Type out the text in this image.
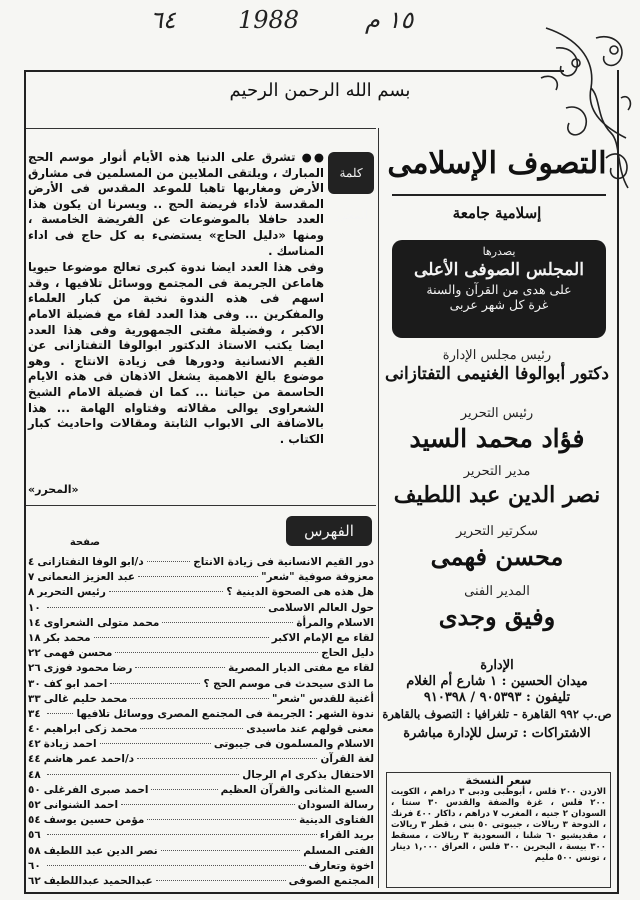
٦٤	1988	١٥ م
بسم الله الرحمن الرحيم
كلمة المحرر

●● تشرق على الدنيا هذه الأيام أنوار موسم الحج المبارك ، ويلتقى الملايين من المسلمين فى مشارق الأرض ومغاربها تاهبا للموعد المقدس فى الأرض المقدسة لأداء فريضة الحج .. ويسرنا ان يكون هذا العدد حافلا بالموضوعات عن الفريضة الخامسة ، ومنها «دليل الحاج» يستضىء به كل حاج فى اداء المناسك .

وفى هذا العدد ايضا ندوة كبرى تعالج موضوعا حيويا هاماعن الجريمة فى المجتمع ووسائل تلافيها ، وقد اسهم فى هذه الندوة نخبة من كبار العلماء والمفكرين ... وفى هذا العدد لقاء مع فضيلة الامام الاكبر ، وفضيلة مفتى الجمهورية وفى هذا العدد ايضا يكتب الاستاذ الدكتور ابوالوفا التفتازانى عن القيم الانسانية ودورها فى زيادة الانتاج . وهو موضوع بالغ الاهمية يشغل الاذهان فى هذه الايام الحاسمة من حياتنا ... كما ان فضيلة الامام الشيخ الشعراوى يوالى مقالاته وفتاواه الهامة ... هذا بالاضافة الى الابواب الثابتة ومقالات واحاديث كبار الكتاب .

«المحرر»
الفهرس
صفحة
دور القيم الانسانية فى زيادة الانتاج
د/ابو الوفا التفتازانى
٤
معزوفة صوفية "شعر"
عبد العزيز النعمانى
٧
هل هذه هى الصحوة الدينية ؟
رئيس التحرير
٨
حول العالم الاسلامى
١٠
الاسلام والمرأة
محمد متولى الشعراوى
١٤
لقاء مع الإمام الاكبر
محمد بكر
١٨
دليل الحاج
محسن فهمى
٢٢
لقاء مع مفتى الديار المصرية
رضا محمود فوزى
٢٦
ما الذى سيحدث فى موسم الحج ؟
احمد ابو كف
٣٠
أغنية للقدس "شعر"
محمد حليم غالى
٣٣
ندوة الشهر : الجريمة فى المجتمع المصرى ووسائل تلافيها
٣٤
معنى قولهم عند ماسيدى
محمد زكى ابراهيم
٤٠
الاسلام والمسلمون فى جيبوتى
احمد زيادة
٤٢
لغة القرآن
د/احمد عمر هاشم
٤٤
الاحتفال بذكرى ام الرجال
٤٨
السبع المثانى والقرآن العظيم
احمد صبرى الفرغلى
٥٠
رسالة السودان
احمد الشنوانى
٥٢
الفتاوى الدينية
مؤمن حسين يوسف
٥٤
بريد القراء
٥٦
الفتى المسلم
نصر الدين عبد اللطيف
٥٨
اخوة وتعارف
٦٠
المجتمع الصوفى
عبدالحميد عبداللطيف
٦٢
التصوف الإسلامى
إسلامية جامعة
يصدرها
المجلس الصوفى الأعلى
على هدى من القرآن والسنة
غرة كل شهر عربى
رئيس مجلس الإدارة
دكتور أبوالوفا الغنيمى التفتازانى
رئيس التحرير
فؤاد محمد السيد
مدير التحرير
نصر الدين عبد اللطيف
سكرتير التحرير
محسن فهمى
المدير الفنى
وفيق وجدى
الإدارة
ميدان الحسين : ١ شارع أم الغلام
تليفون : ٩٠٥٣٩٣ / ٩١٠٣٩٨
ص.ب ٩٩٢ القاهرة - تلغرافيا : التصوف بالقاهرة
الاشتراكات : ترسل للإدارة مباشرة
سعر النسخة
الاردن ٢٠٠ فلس ، أبوظبى ودبى ٣ دراهم ، الكويت ٢٠٠ فلس ، غزة والضفة والقدس ٣٠ سنتا ، السودان ٢ جنيه ، المغرب ٧ دراهم ، داكار ٤٠٠ فرنك ، الدوحة ٣ ريالات ، جيبوتى ٥٠ بنى ، قطر ٣ ريالات ، مقديشيو ٦٠ شلنا ، السعودية ٣ ريالات ، مسقط ٣٠٠ بيسة ، البحرين ٣٠٠ فلس ، العراق ١,٠٠٠ دينار ، تونس ٥٠٠ مليم
